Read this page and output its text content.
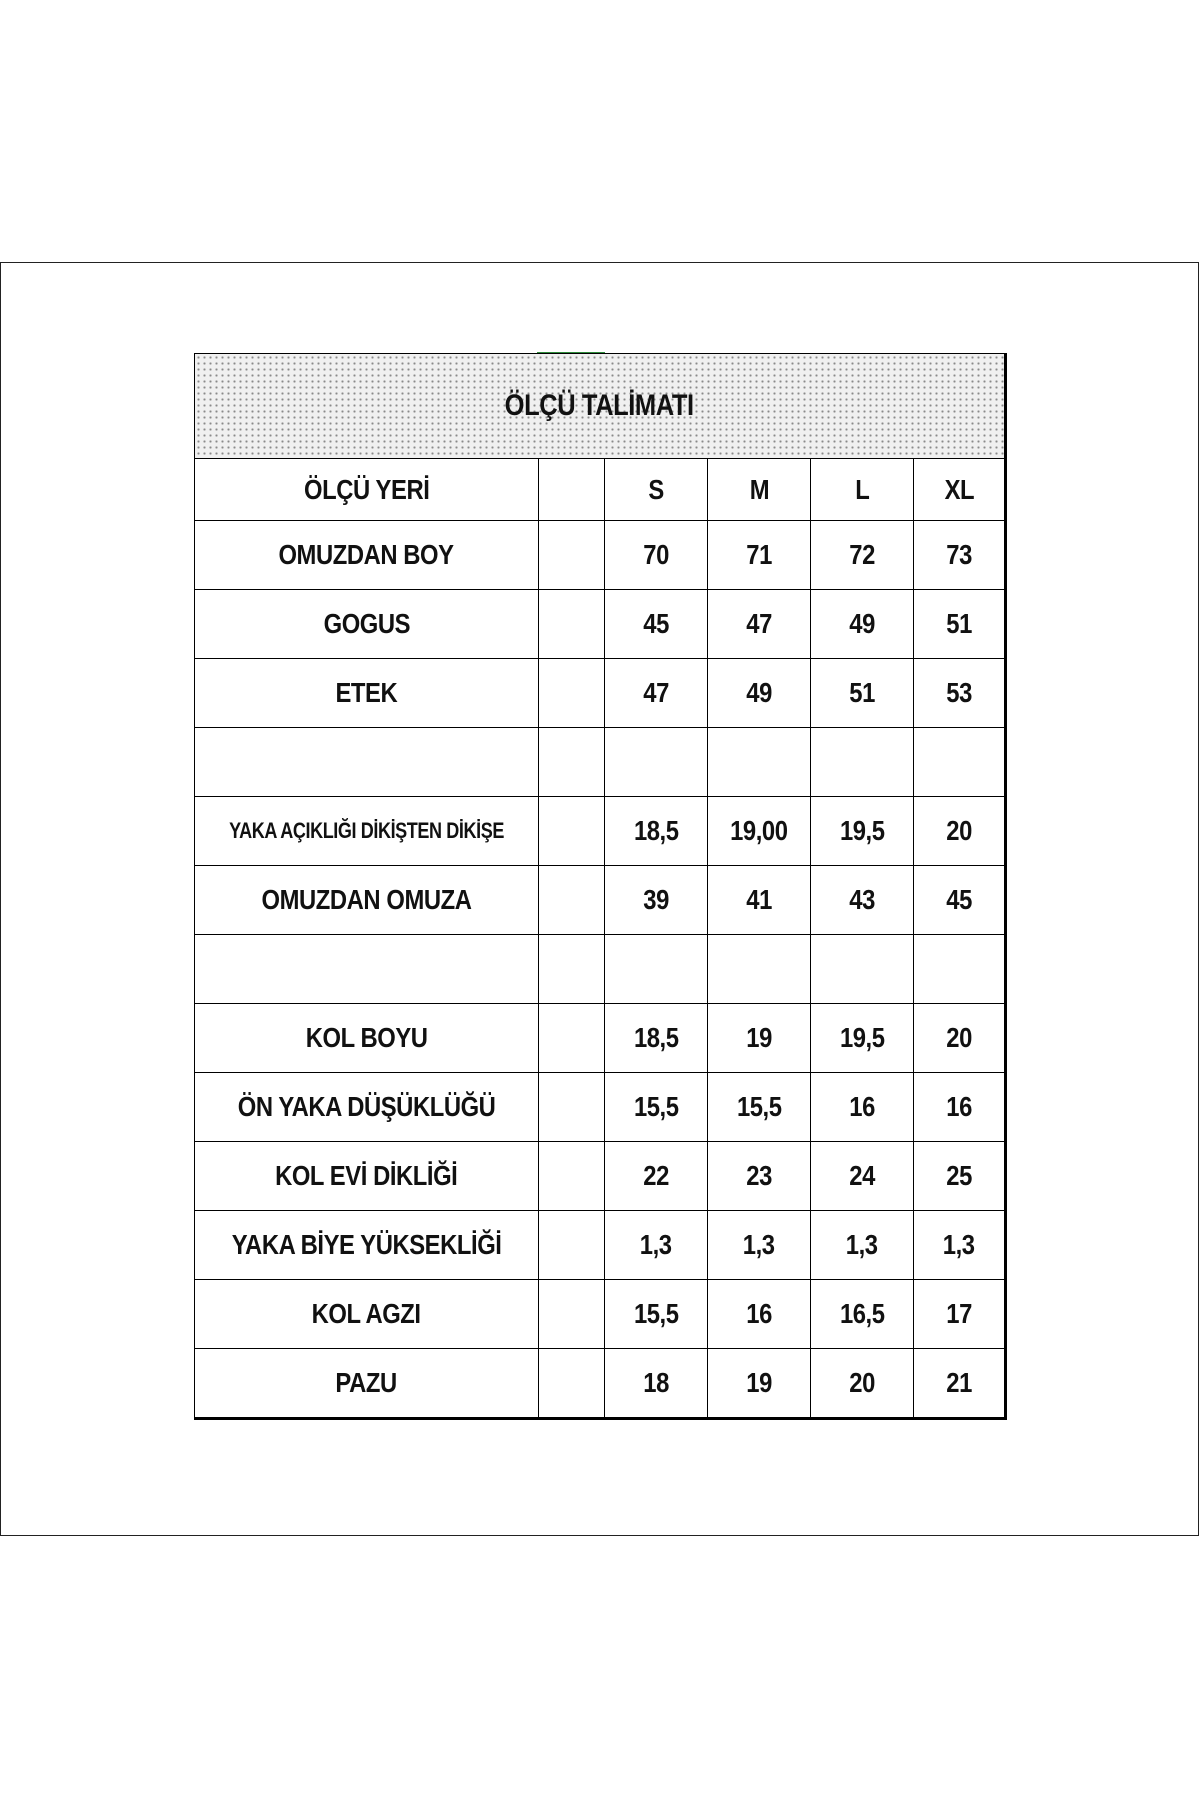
ÖLÇÜ TALİMATI					
ÖLÇÜ YERİ		S	M	L	XL
OMUZDAN BOY		70	71	72	73
GOGUS		45	47	49	51
ETEK		47	49	51	53

YAKA AÇIKLIĞI DİKİŞTEN DİKİŞE		18,5	19,00	19,5	20
OMUZDAN OMUZA		39	41	43	45

KOL BOYU		18,5	19	19,5	20
ÖN YAKA DÜŞÜKLÜĞÜ		15,5	15,5	16	16
KOL EVİ DİKLİĞİ		22	23	24	25
YAKA BİYE YÜKSEKLİĞİ		1,3	1,3	1,3	1,3
KOL AGZI		15,5	16	16,5	17
PAZU		18	19	20	21
